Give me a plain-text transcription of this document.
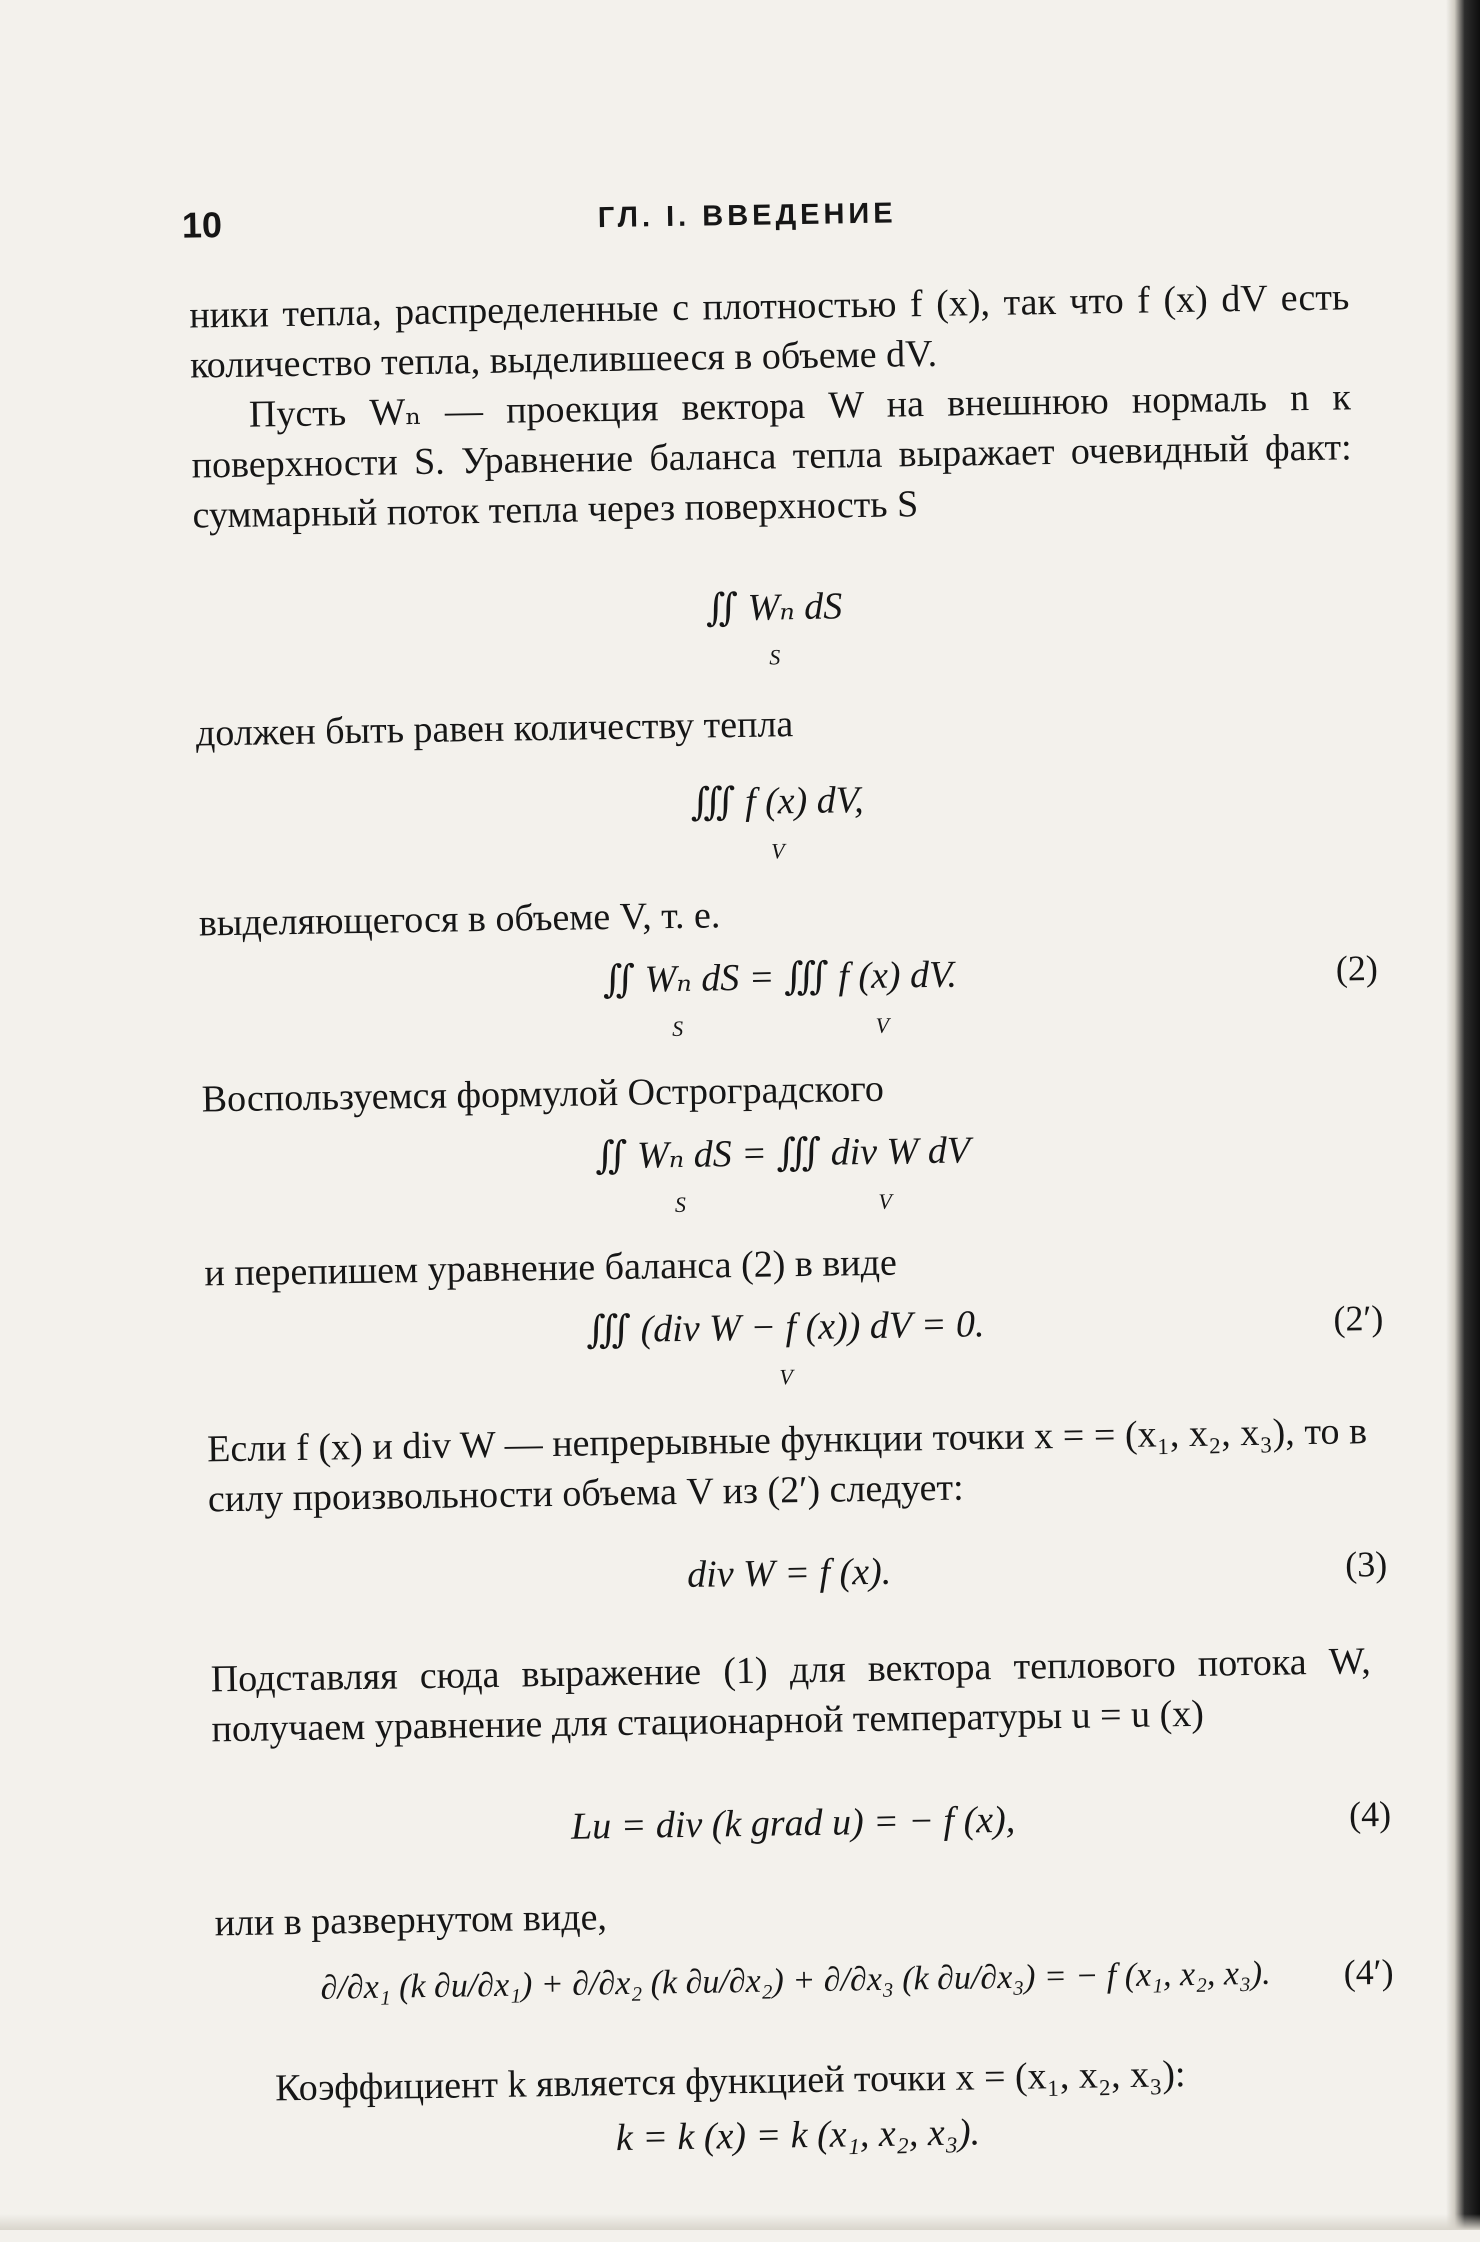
10	ГЛ. I. ВВЕДЕНИЕ

ники тепла, распределенные с плотностью f (x), так что f (x) dV есть количество тепла, выделившееся в объеме dV.

Пусть Wₙ — проекция вектора W на внешнюю нормаль n к поверхности S. Уравнение баланса тепла выражает очевидный факт: суммарный поток тепла через поверхность S

∬ Wₙ dS
S

должен быть равен количеству тепла

∭ f (x) dV,
V

выделяющегося в объеме V, т. е.

∬ Wₙ dS = ∭ f (x) dV.
S                                   V
(2)

Воспользуемся формулой Остроградского

∬ Wₙ dS = ∭ div W dV
S                                   V

и перепишем уравнение баланса (2) в виде

∭ (div W − f (x)) dV = 0.
V
(2′)

Если f (x) и div W — непрерывные функции точки x = = (x₁, x₂, x₃), то в силу произвольности объема V из (2′) следует:

div W = f (x).	(3)

Подставляя сюда выражение (1) для вектора теплового потока W, получаем уравнение для стационарной температуры u = u (x)

Lu = div (k grad u) = − f (x),	(4)

или в развернутом виде,

∂/∂x₁ (k ∂u/∂x₁) + ∂/∂x₂ (k ∂u/∂x₂) + ∂/∂x₃ (k ∂u/∂x₃) = − f (x₁, x₂, x₃). (4′)

Коэффициент k является функцией точки x = (x₁, x₂, x₃):

k = k (x) = k (x₁, x₂, x₃).
